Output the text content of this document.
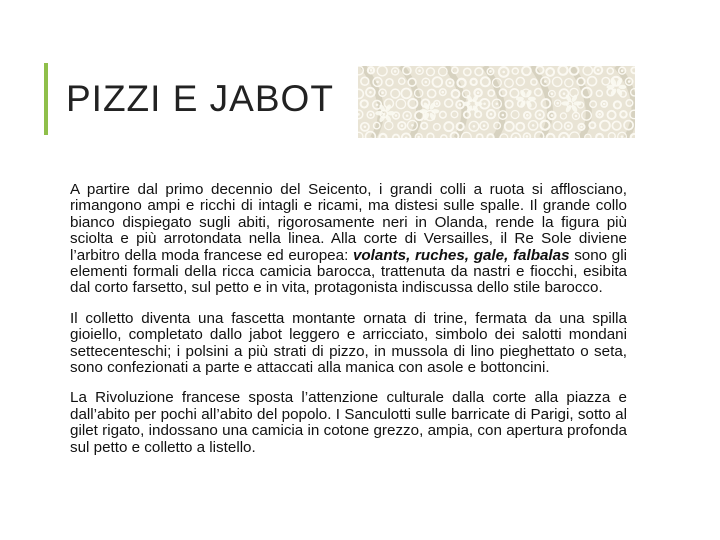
PIZZI E JABOT

A partire dal primo decennio del Seicento, i grandi colli a ruota si afflosciano, rimangono ampi e ricchi di intagli e ricami, ma distesi sulle spalle. Il grande collo bianco dispiegato sugli abiti, rigorosamente neri in Olanda, rende la figura più sciolta e più arrotondata nella linea. Alla corte di Versailles, il Re Sole diviene l’arbitro della moda francese ed europea: volants, ruches, gale, falbalas sono gli elementi formali della ricca camicia barocca, trattenuta da nastri e fiocchi, esibita dal corto farsetto, sul petto e in vita, protagonista indiscussa dello stile barocco.

Il colletto diventa una fascetta montante ornata di trine, fermata da una spilla gioiello, completato dallo jabot leggero e arricciato, simbolo dei salotti mondani settecenteschi; i polsini a più strati di pizzo, in mussola di lino pieghettato o seta, sono confezionati a parte e attaccati alla manica con asole e bottoncini.

La Rivoluzione francese sposta l’attenzione culturale dalla corte alla piazza e dall’abito per pochi all’abito del popolo. I Sanculotti sulle barricate di Parigi, sotto al gilet rigato, indossano una camicia in cotone grezzo, ampia, con apertura profonda sul petto e colletto a listello.
